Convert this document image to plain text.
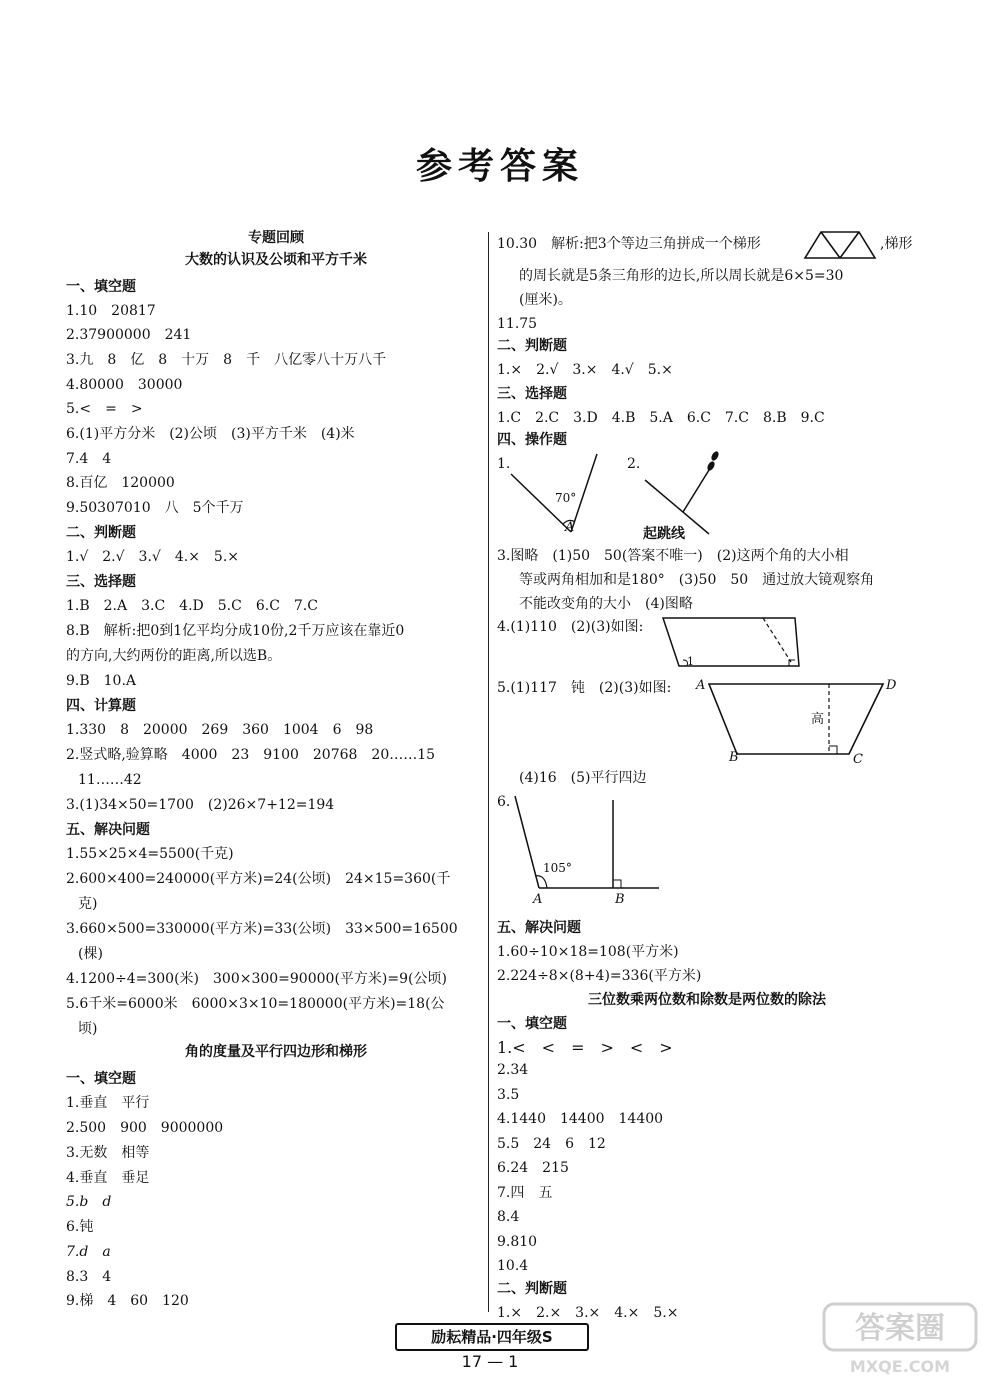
参考答案
专题回顾
大数的认识及公顷和平方千米
一、填空题
1.10　20817
2.37900000　241
3.九　8　亿　8　十万　8　千　八亿零八十万八千
4.80000　30000
5.<　=　>
6.(1)平方分米　(2)公顷　(3)平方千米　(4)米
7.4　4
8.百亿　120000
9.50307010　八　5个千万
二、判断题
1.√　2.√　3.√　4.×　5.×
三、选择题
1.B　2.A　3.C　4.D　5.C　6.C　7.C
8.B　解析:把0到1亿平均分成10份,2千万应该在靠近0
的方向,大约两份的距离,所以选B。
9.B　10.A
四、计算题
1.330　8　20000　269　360　1004　6　98
2.竖式略,验算略　4000　23　9100　20768　20……15
11……42
3.(1)34×50=1700　(2)26×7+12=194
五、解决问题
1.55×25×4=5500(千克)
2.600×400=240000(平方米)=24(公顷)　24×15=360(千
克)
3.660×500=330000(平方米)=33(公顷)　33×500=16500
(棵)
4.1200÷4=300(米)　300×300=90000(平方米)=9(公顷)
5.6千米=6000米　6000×3×10=180000(平方米)=18(公
顷)
角的度量及平行四边形和梯形
一、填空题
1.垂直　平行
2.500　900　9000000
3.无数　相等
4.垂直　垂足
5.b　d
6.钝
7.d　a
8.3　4
9.梯　4　60　120
10.30　解析:把3个等边三角拼成一个梯形	,梯形
的周长就是5条三角形的边长,所以周长就是6×5=30
(厘米)。
11.75
二、判断题
1.×　2.√　3.×　4.√　5.×
三、选择题
1.C　2.C　3.D　4.B　5.A　6.C　7.C　8.B　9.C
四、操作题
1.
70°
A
2.
起跳线
3.图略　(1)50　50(答案不唯一)　(2)这两个角的大小相
等或两角相加和是180°　(3)50　50　通过放大镜观察角
不能改变角的大小　(4)图略
4.(1)110　(2)(3)如图:
1
5.(1)117　钝　(2)(3)如图: A	D
B	C
高
(4)16　(5)平行四边
6.
105°
A	B
五、解决问题
1.60÷10×18=108(平方米)
2.224÷8×(8+4)=336(平方米)
三位数乘两位数和除数是两位数的除法
一、填空题
1.<　<　=　>　<　>
2.34
3.5
4.1440　14400　14400
5.5　24　6　12
6.24　215
7.四　五
8.4
9.810
10.4
二、判断题
1.×　2.×　3.×　4.×　5.×
励耘精品·四年级S
17 — 1
答案圈
MXQE.COM
